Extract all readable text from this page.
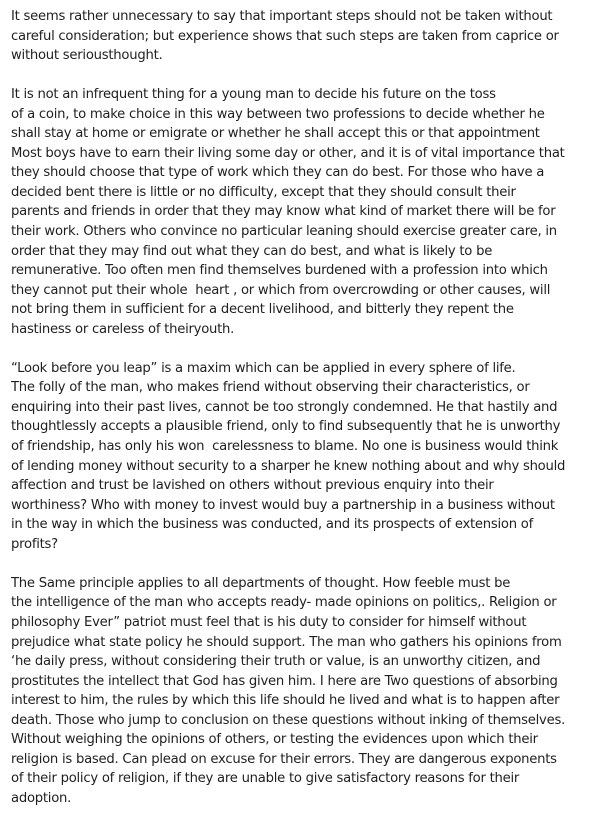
It seems rather unnecessary to say that important steps should not be taken without
careful consideration; but experience shows that such steps are taken from caprice or
without seriousthought.
It is not an infrequent thing for a young man to decide his future on the toss
of a coin, to make choice in this way between two professions to decide whether he
shall stay at home or emigrate or whether he shall accept this or that appointment
Most boys have to earn their living some day or other, and it is of vital importance that
they should choose that type of work which they can do best. For those who have a
decided bent there is little or no difficulty, except that they should consult their
parents and friends in order that they may know what kind of market there will be for
their work. Others who convince no particular leaning should exercise greater care, in
order that they may find out what they can do best, and what is likely to be
remunerative. Too often men find themselves burdened with a profession into which
they cannot put their whole  heart , or which from overcrowding or other causes, will
not bring them in sufficient for a decent livelihood, and bitterly they repent the
hastiness or careless of theiryouth.
“Look before you leap” is a maxim which can be applied in every sphere of life.
The folly of the man, who makes friend without observing their characteristics, or
enquiring into their past lives, cannot be too strongly condemned. He that hastily and
thoughtlessly accepts a plausible friend, only to find subsequently that he is unworthy
of friendship, has only his won  carelessness to blame. No one is business would think
of lending money without security to a sharper he knew nothing about and why should
affection and trust be lavished on others without previous enquiry into their
worthiness? Who with money to invest would buy a partnership in a business without
in the way in which the business was conducted, and its prospects of extension of
profits?
The Same principle applies to all departments of thought. How feeble must be
the intelligence of the man who accepts ready- made opinions on politics,. Religion or
philosophy Ever” patriot must feel that is his duty to consider for himself without
prejudice what state policy he should support. The man who gathers his opinions from
‘he daily press, without considering their truth or value, is an unworthy citizen, and
prostitutes the intellect that God has given him. I here are Two questions of absorbing
interest to him, the rules by which this life should he lived and what is to happen after
death. Those who jump to conclusion on these questions without inking of themselves.
Without weighing the opinions of others, or testing the evidences upon which their
religion is based. Can plead on excuse for their errors. They are dangerous exponents
of their policy of religion, if they are unable to give satisfactory reasons for their
adoption.
